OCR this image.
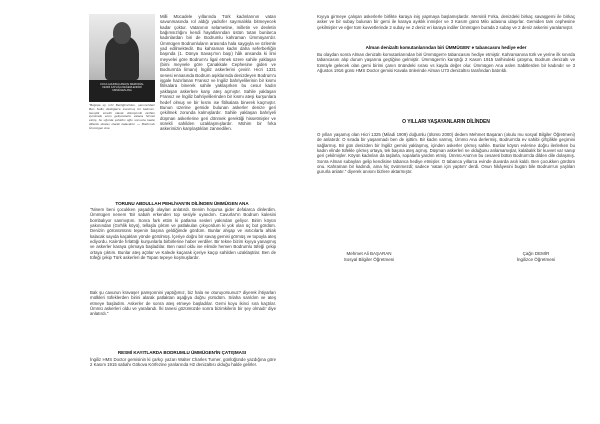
KOCA AHUNDA HIMAYE MEMORİAL
KENDİ KATLIĞA DEĞERLENDİRİ
UMMÜGEN ANA

"Bağışla ey ruh! Benliğimizden, şanımızdan! Ben Sıdkı Akdoğan'a inanılmış bir kadınım. Gençlik sürekli olarak dönüşümlü tarihler içerisinde emin gelişmelerle vatana hizmet etmiş, bu uğurda şehidim oğlu sonsuza kadar dillerde destan olarak kalacaktır. — Bodrumlu Ümmügen Ana

Milli Mücadele yıllarında Türk kadınlarının vatan savunmasında rol aldığı yadsıfer sayımalıkla bitmeyecek kadar çoktur. Vatanının selametine, milletin ve devletin bağımsızlığını kendi hayatlarından üstün tutan bunlarca kadınlardan biri de Bodrumlu kahraman Ümmüyan'dır. Ümmügen Bodrumluların arasında hala saygıyla ve özlemle yad edilmektedir. Bu kahraman kadın daha seferberliğin başında (1. Dünya Savaşı'nın başı) hâk ansanda ki limi meyvelei göre Bodrum'u ligal etmek üzere sahile yaklaşan (bimi meyvele göre Çanakkale Cephesine giden ve Bodrum'da limanı) İngiliz askerlerini çevirir. Hicri 1331 senesi ennasında Bodrum aşıklarında denizdeyen Bodrum'u işgale hazırlanan Fransız ve İngiliz bahriyelilerinin bir kısmı fitilsalara binerek sahile yaklaşırken bu cesur kadın yaklaşan askerlere karşı ateş açmıştır. Sahile yaklaşan Fransız ve İngiliz bahriyelilerinden bir kısmı ateşi kurşunlara hedef olmuş ve bir kısmı ise fitilsalara binerek kaçmıştır. Bunun üzerine gemide bulunan askerler denize geri çekilmek zorunda kalmışlardır. Sahile yaklaşan bahriyeli düşman askerlerine geri dönmek gerektiği hissetmişler ve sürekli sahilden uzaklaşmışlardır. Mühim bir fırka askerimizin karşılaştıkları zannedilen.

TORUNU ABDULLAH PEHLİVAN'IN DİLİNDEN ÜMMÜGEN ANA

"Ninem beni çocukken yaşadığı olayları anlatırdı. Benim hoşuma gider defalarca dinlerdim. Ümmügen nenem 'Bir sabah erkenden top sesiyle uyandım. Cavurlar'ın Bodrum kalesini bombalıyor sanmıştım. Sonra fark ettim ki patlama sesleri yakından geliyor. Birim köyün yakınından (Gırhlik köyü), tellaşla çıktım ve patlakulan çıkıyordum ki yok olan üç bot gördüm. Denizin görünümünü tepenin başına geldiğimde gördüm. Bunlar ahşap ve ısıtıcılarla ahlak kalacak sayıda kaçakları yönde görülmüş. İçeriye doğru bir savaş gemisi görmüş ve topuyla ateş ediyordu. Kale'de fırlattığı kurşunlarla birbirlerine haber verdiler. Bir tekne bizim kıyıya yanaşmış ve askerler karaya çıkmaya başladılar. Ben nasıl oldu ise elimde hemen Bodrumlu tüfeği çekip ortaya çıktım. Bunlar ateş açtılar ve Kalede kaçarak içeriye kaçıp sahilden uzaklaştılar. Ben de tüfeği çekip Türk askerleri de Topan tepeye koşmuşlardır.

Bak şu cavurun kravaşer pamşonnini yaptığımız, biz hala ne oturuyorsunuz? diyerek ihtiyarları mülkleri tüfeklerden birini alarak patlaktan aşağıya doğru yürüdüm. Sılaha sarıldım ve ateş etmeye başladım. Askerler de sonra ateş etmeye başladılar. Gemi koyu ikinci sıra kaçtılar. Ümmü askerleri oldu ve yaralandı. İki tanesi gözümüzde sonra bizimkilerin bir şey olmadı' diye anlatırdı."

RESMİ KAYITLARDA BODRUMLU ÜMMÜGEN'İN ÇATIŞMASI

İngiliz HMS Doctor gemisinin ki çarkçı yazarı Walter Charles Turner, günlüğünde yazdığına göre 2 Kasım 1915 sabahı Gökova Körfezine yanlarında H2 denizaltısı olduğu halde gelirler.

Kıyıya girmeye çalışan askerlerle birlikte karaya iniş yapmaya başlamışlardır. Mersinli Fırka, denizdeki birkaç savaşgemi ile birkaç asker ve bir subay bulunan bir gemi ile karaya ayıklık inmişler ve 3 Kasım günü Milo adasına ulaşırlar. Gemiden tam cephesine çekilmişler ve eğer tüm kuvvetlerinde 2 subay ve 2 deniz eri karaya indiler Ümmügen burada 2 subay ve 2 deniz askerini yaralamıştır.

Alman denizaltı komutanlarından biri ÜMMÜGEN' e tabancasını hediye eder

Bu olaydan sonra Alman denizaltı komutanlarından biri Ümmügen'e tabancasını hediye etmiştir. Kahramanına türk ve yerine ilk sınırda tabancasını alıp durum yaşarına geçtiğine gelmiştir. Ümmügen'in karıştığı 2 Kasım 1915 tarihindeki çatışma, Bodrum denizaltı ve tümüyle gelecek olan gemi birimi çanın önündeki sırası vs kayda değer olur. Ümmügen Ana aslen Sabitlerden bir kadındır ve 3 Ağustos 1916 günü HMS Doctor gemisi Kavala önlerinde Alman U73 denizaltısı tarafından batırıldı.

O YILLARI YAŞAYANLARIN DİLİNDEN

O yılları yaşamış olan Hicri 1325 (Miladi 1909) doğumlu (ölümü 2000) dedem Mehmet Başaran (okulu mu sosyal Bilgiler Öğretmeni) de anlatırdı: O sırada bir yaşanmadı ben de işittim. Bir kadın varmış, Ümmü Ana derlermiş, Bodrum'da ev sahibi çiftçilikle geçimini sağlarmış. Bir gün denizden bir İngiliz gemisi yaklaşmış, içinden askerler çıkmış sahile. Bunlar köyün evlerine doğru ilerlerken bu kadın elinde tüfekle çıkmış ortaya, tek başına ateş açmış. Düşman askerleri ne olduğunu anlamamışlar, kalabalık bir kuvvet var sanıp geri çekilmişler. Köyün kadınları da taşlarla, sopalarla yardım etmiş. Ümmü Ana'nın bu cesareti bütün Bodrum'da dilden dile dolaşmış. Sonra Alman subayları gelip kendisine tabanca hediye etmişler. O tabanca yıllarca evinde duvarda asılı kaldı. Ben çocukken gördüm onu. Kahraman bir kadındı, ama hiç övünmezdi; sadece 'vatan için yaptım' derdi. Onun hikâyesini bugün bile Bodrum'un yaşlıları gururla anlatır." diyerek anısını bizlere aktarmıştır.

Mehmet Ali BAŞARAN
Sosyal Bilgiler Öğretmeni
Çağrı DEMİR
İngilizce Öğretmeni
